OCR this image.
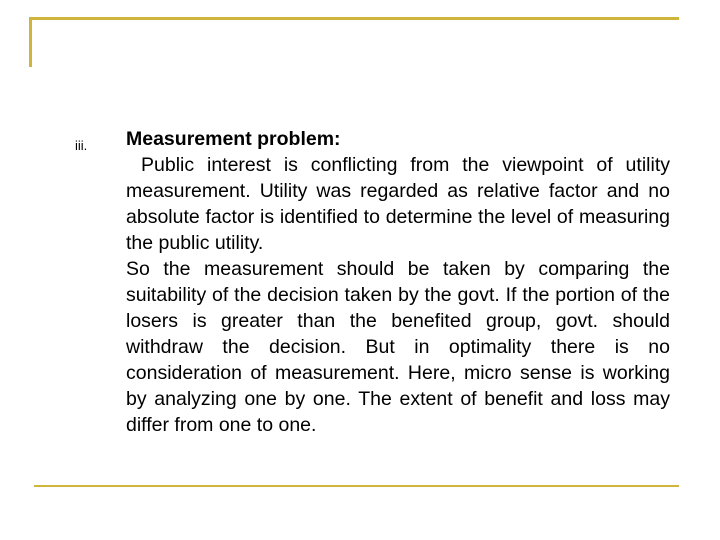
iii. Measurement problem:

Public interest is conflicting from the viewpoint of utility measurement. Utility was regarded as relative factor and no absolute factor is identified to determine the level of measuring the public utility.

So the measurement should be taken by comparing the suitability of the decision taken by the govt. If the portion of the losers is greater than the benefited group, govt. should withdraw the decision. But in optimality there is no consideration of measurement. Here, micro sense is working by analyzing one by one. The extent of benefit and loss may differ from one to one.
